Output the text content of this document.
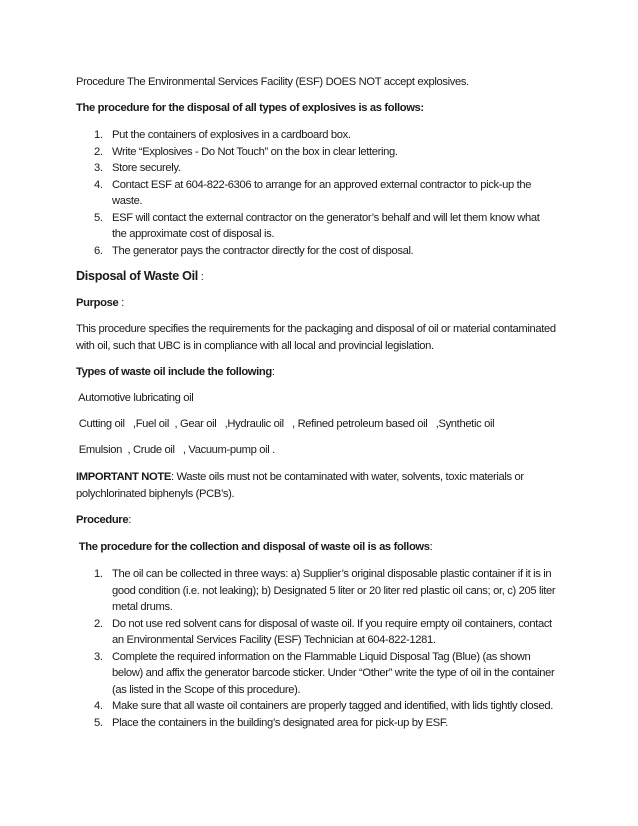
Procedure The Environmental Services Facility (ESF) DOES NOT accept explosives.
The procedure for the disposal of all types of explosives is as follows:
1. Put the containers of explosives in a cardboard box.
2. Write “Explosives - Do Not Touch” on the box in clear lettering.
3. Store securely.
4. Contact ESF at 604-822-6306 to arrange for an approved external contractor to pick-up the waste.
5. ESF will contact the external contractor on the generator’s behalf and will let them know what the approximate cost of disposal is.
6. The generator pays the contractor directly for the cost of disposal.
Disposal of Waste Oil :
Purpose :
This procedure specifies the requirements for the packaging and disposal of oil or material contaminated with oil, such that UBC is in compliance with all local and provincial legislation.
Types of waste oil include the following:
Automotive lubricating oil
Cutting oil   ,Fuel oil  , Gear oil   ,Hydraulic oil   , Refined petroleum based oil   ,Synthetic oil
Emulsion  , Crude oil   , Vacuum-pump oil .
IMPORTANT NOTE: Waste oils must not be contaminated with water, solvents, toxic materials or polychlorinated biphenyls (PCB’s).
Procedure:
The procedure for the collection and disposal of waste oil is as follows:
1. The oil can be collected in three ways: a) Supplier’s original disposable plastic container if it is in good condition (i.e. not leaking); b) Designated 5 liter or 20 liter red plastic oil cans; or, c) 205 liter metal drums.
2. Do not use red solvent cans for disposal of waste oil. If you require empty oil containers, contact an Environmental Services Facility (ESF) Technician at 604-822-1281.
3. Complete the required information on the Flammable Liquid Disposal Tag (Blue) (as shown below) and affix the generator barcode sticker. Under “Other” write the type of oil in the container (as listed in the Scope of this procedure).
4. Make sure that all waste oil containers are properly tagged and identified, with lids tightly closed.
5. Place the containers in the building’s designated area for pick-up by ESF.
